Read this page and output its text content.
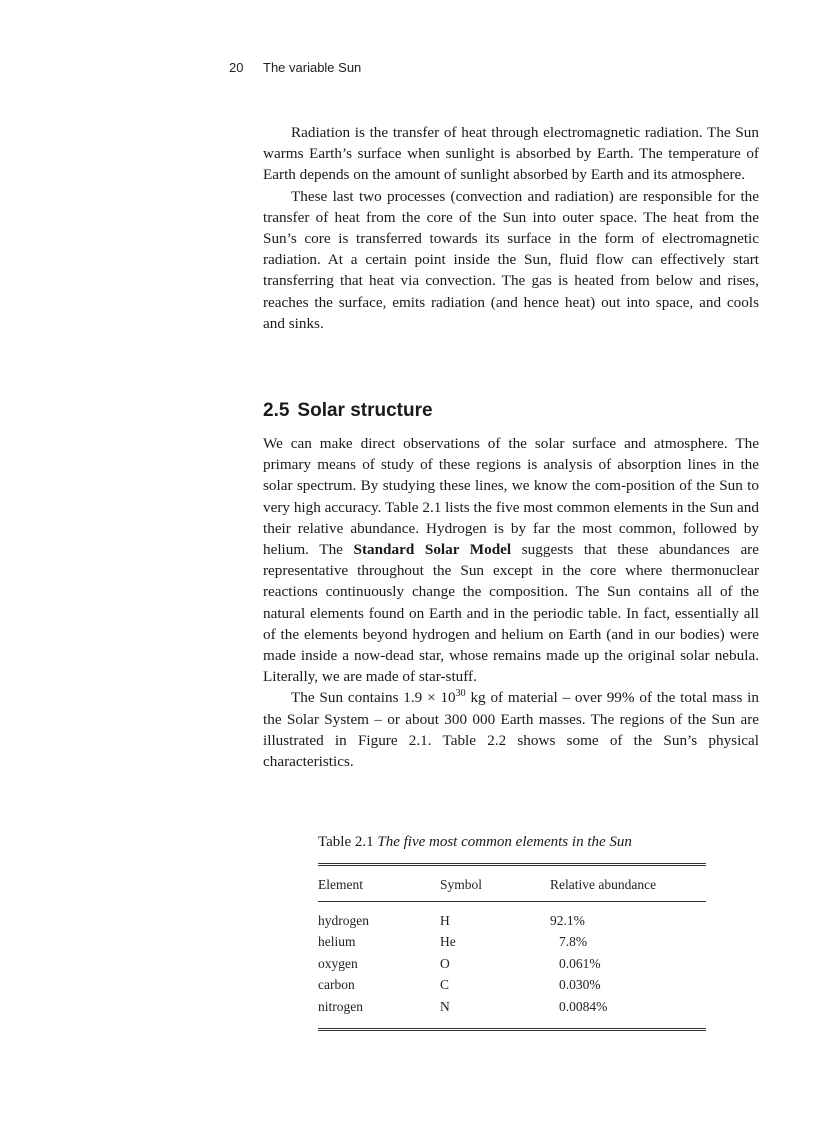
20 The variable Sun

Radiation is the transfer of heat through electromagnetic radiation. The Sun warms Earth’s surface when sunlight is absorbed by Earth. The temperature of Earth depends on the amount of sunlight absorbed by Earth and its atmosphere.

These last two processes (convection and radiation) are responsible for the transfer of heat from the core of the Sun into outer space. The heat from the Sun’s core is transferred towards its surface in the form of electromagnetic radiation. At a certain point inside the Sun, fluid flow can effectively start transferring that heat via convection. The gas is heated from below and rises, reaches the surface, emits radiation (and hence heat) out into space, and cools and sinks.

2.5 Solar structure

We can make direct observations of the solar surface and atmosphere. The primary means of study of these regions is analysis of absorption lines in the solar spectrum. By studying these lines, we know the com-position of the Sun to very high accuracy. Table 2.1 lists the five most common elements in the Sun and their relative abundance. Hydrogen is by far the most common, followed by helium. The Standard Solar Model suggests that these abundances are representative throughout the Sun except in the core where thermonuclear reactions continuously change the composition. The Sun contains all of the natural elements found on Earth and in the periodic table. In fact, essentially all of the elements beyond hydrogen and helium on Earth (and in our bodies) were made inside a now-dead star, whose remains made up the original solar nebula. Literally, we are made of star-stuff.

The Sun contains $1.9 \times 10^{30}$ kg of material – over 99% of the total mass in the Solar System – or about 300 000 Earth masses. The regions of the Sun are illustrated in Figure 2.1. Table 2.2 shows some of the Sun’s physical characteristics.

Table 2.1 The five most common elements in the Sun
Element	Symbol	Relative abundance
hydrogen	H	92.1%
helium	He	7.8%
oxygen	O	0.061%
carbon	C	0.030%
nitrogen	N	0.0084%
